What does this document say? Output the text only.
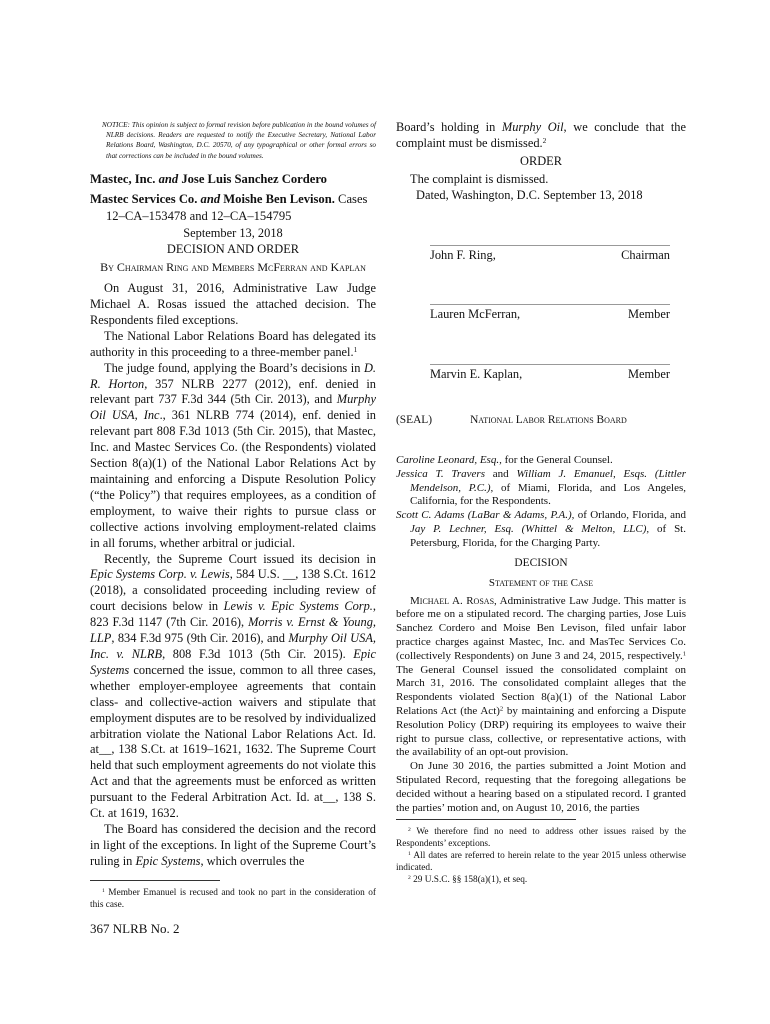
NOTICE: This opinion is subject to formal revision before publication in the bound volumes of NLRB decisions. Readers are requested to notify the Executive Secretary, National Labor Relations Board, Washington, D.C. 20570, of any typographical or other formal errors so that corrections can be included in the bound volumes.

Mastec, Inc. and Jose Luis Sanchez Cordero

Mastec Services Co. and Moishe Ben Levison. Cases 12–CA–153478 and 12–CA–154795

September 13, 2018

DECISION AND ORDER

By Chairman Ring and Members McFerran and Kaplan

On August 31, 2016, Administrative Law Judge Michael A. Rosas issued the attached decision. The Respondents filed exceptions.

The National Labor Relations Board has delegated its authority in this proceeding to a three-member panel.$^1$

The judge found, applying the Board’s decisions in D. R. Horton, 357 NLRB 2277 (2012), enf. denied in relevant part 737 F.3d 344 (5th Cir. 2013), and Murphy Oil USA, Inc., 361 NLRB 774 (2014), enf. denied in relevant part 808 F.3d 1013 (5th Cir. 2015), that Mastec, Inc. and Mastec Services Co. (the Respondents) violated Section 8(a)(1) of the National Labor Relations Act by maintaining and enforcing a Dispute Resolution Policy (“the Policy”) that requires employees, as a condition of employment, to waive their rights to pursue class or collective actions involving employment-related claims in all forums, whether arbitral or judicial.

Recently, the Supreme Court issued its decision in Epic Systems Corp. v. Lewis, 584 U.S. __, 138 S.Ct. 1612 (2018), a consolidated proceeding including review of court decisions below in Lewis v. Epic Systems Corp., 823 F.3d 1147 (7th Cir. 2016), Morris v. Ernst & Young, LLP, 834 F.3d 975 (9th Cir. 2016), and Murphy Oil USA, Inc. v. NLRB, 808 F.3d 1013 (5th Cir. 2015). Epic Systems concerned the issue, common to all three cases, whether employer-employee agreements that contain class- and collective-action waivers and stipulate that employment disputes are to be resolved by individualized arbitration violate the National Labor Relations Act. Id. at__, 138 S.Ct. at 1619–1621, 1632. The Supreme Court held that such employment agreements do not violate this Act and that the agreements must be enforced as written pursuant to the Federal Arbitration Act. Id. at__, 138 S. Ct. at 1619, 1632.

The Board has considered the decision and the record in light of the exceptions. In light of the Supreme Court’s ruling in Epic Systems, which overrules the

$^1$ Member Emanuel is recused and took no part in the consideration of this case.

Board’s holding in Murphy Oil, we conclude that the complaint must be dismissed.$^2$

ORDER

The complaint is dismissed.

Dated, Washington, D.C. September 13, 2018

John F. Ring,	Chairman
Lauren McFerran,	Member
Marvin E. Kaplan,	Member
(SEAL)	National Labor Relations Board

Caroline Leonard, Esq., for the General Counsel.

Jessica T. Travers and William J. Emanuel, Esqs. (Littler Mendelson, P.C.), of Miami, Florida, and Los Angeles, California, for the Respondents.

Scott C. Adams (LaBar & Adams, P.A.), of Orlando, Florida, and Jay P. Lechner, Esq. (Whittel & Melton, LLC), of St. Petersburg, Florida, for the Charging Party.

DECISION

Statement of the Case

Michael A. Rosas, Administrative Law Judge. This matter is before me on a stipulated record. The charging parties, Jose Luis Sanchez Cordero and Moise Ben Levison, filed unfair labor practice charges against Mastec, Inc. and MasTec Services Co. (collectively Respondents) on June 3 and 24, 2015, respectively.$^1$ The General Counsel issued the consolidated complaint on March 31, 2016. The consolidated complaint alleges that the Respondents violated Section 8(a)(1) of the National Labor Relations Act (the Act)$^2$ by maintaining and enforcing a Dispute Resolution Policy (DRP) requiring its employees to waive their right to pursue class, collective, or representative actions, with the availability of an opt-out provision.

On June 30 2016, the parties submitted a Joint Motion and Stipulated Record, requesting that the foregoing allegations be decided without a hearing based on a stipulated record. I granted the parties’ motion and, on August 10, 2016, the parties

$^2$ We therefore find no need to address other issues raised by the Respondents’ exceptions.

$^1$ All dates are referred to herein relate to the year 2015 unless otherwise indicated.

$^2$ 29 U.S.C. §§ 158(a)(1), et seq.

367 NLRB No. 2
